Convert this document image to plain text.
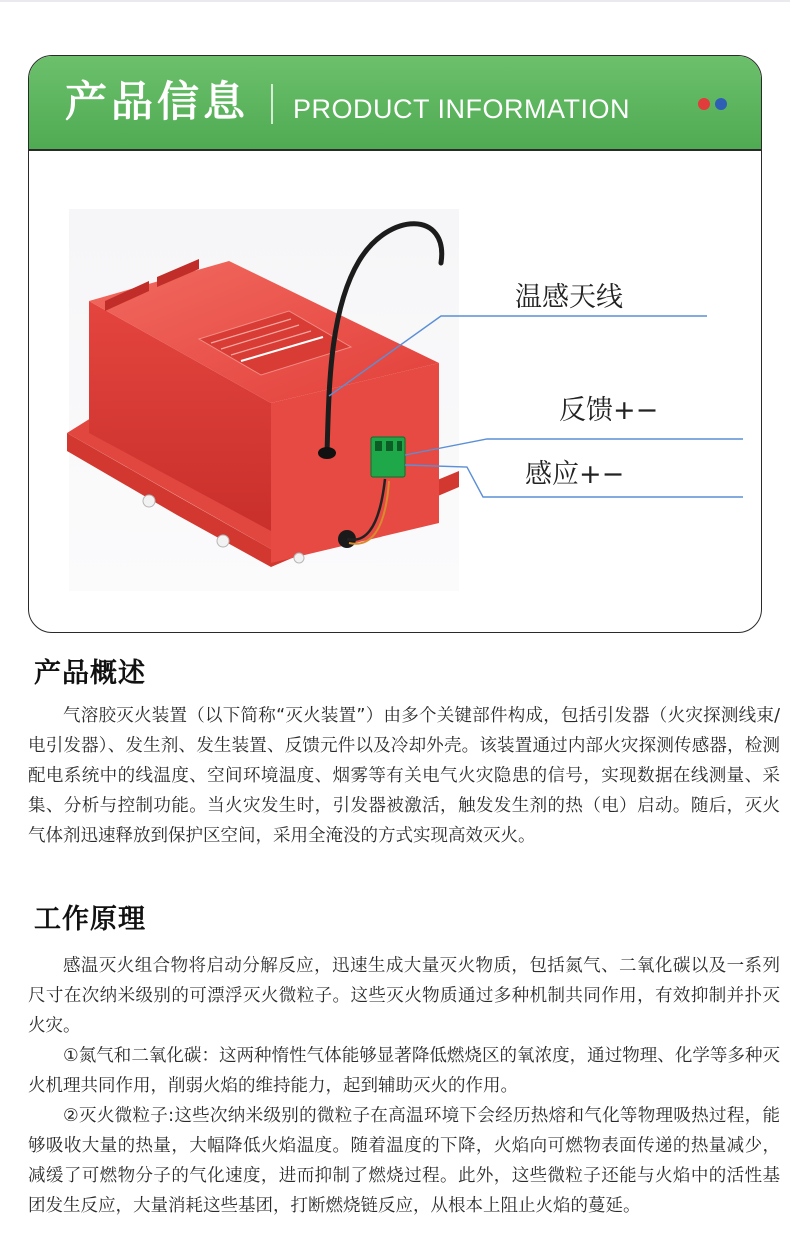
产品信息 PRODUCT INFORMATION
温感天线
反馈+−
感应+−
产品概述

气溶胶灭火装置（以下简称“灭火装置”）由多个关键部件构成，包括引发器（火灾探测线束/电引发器）、发生剂、发生装置、反馈元件以及冷却外壳。该装置通过内部火灾探测传感器，检测配电系统中的线温度、空间环境温度、烟雾等有关电气火灾隐患的信号，实现数据在线测量、采集、分析与控制功能。当火灾发生时，引发器被激活，触发发生剂的热（电）启动。随后，灭火气体剂迅速释放到保护区空间，采用全淹没的方式实现高效灭火。

工作原理

感温灭火组合物将启动分解反应，迅速生成大量灭火物质，包括氮气、二氧化碳以及一系列尺寸在次纳米级别的可漂浮灭火微粒子。这些灭火物质通过多种机制共同作用，有效抑制并扑灭火灾。

①氮气和二氧化碳：这两种惰性气体能够显著降低燃烧区的氧浓度，通过物理、化学等多种灭火机理共同作用，削弱火焰的维持能力，起到辅助灭火的作用。

②灭火微粒子:这些次纳米级别的微粒子在高温环境下会经历热熔和气化等物理吸热过程，能够吸收大量的热量，大幅降低火焰温度。随着温度的下降，火焰向可燃物表面传递的热量减少，减缓了可燃物分子的气化速度，进而抑制了燃烧过程。此外，这些微粒子还能与火焰中的活性基团发生反应，大量消耗这些基团，打断燃烧链反应，从根本上阻止火焰的蔓延。
